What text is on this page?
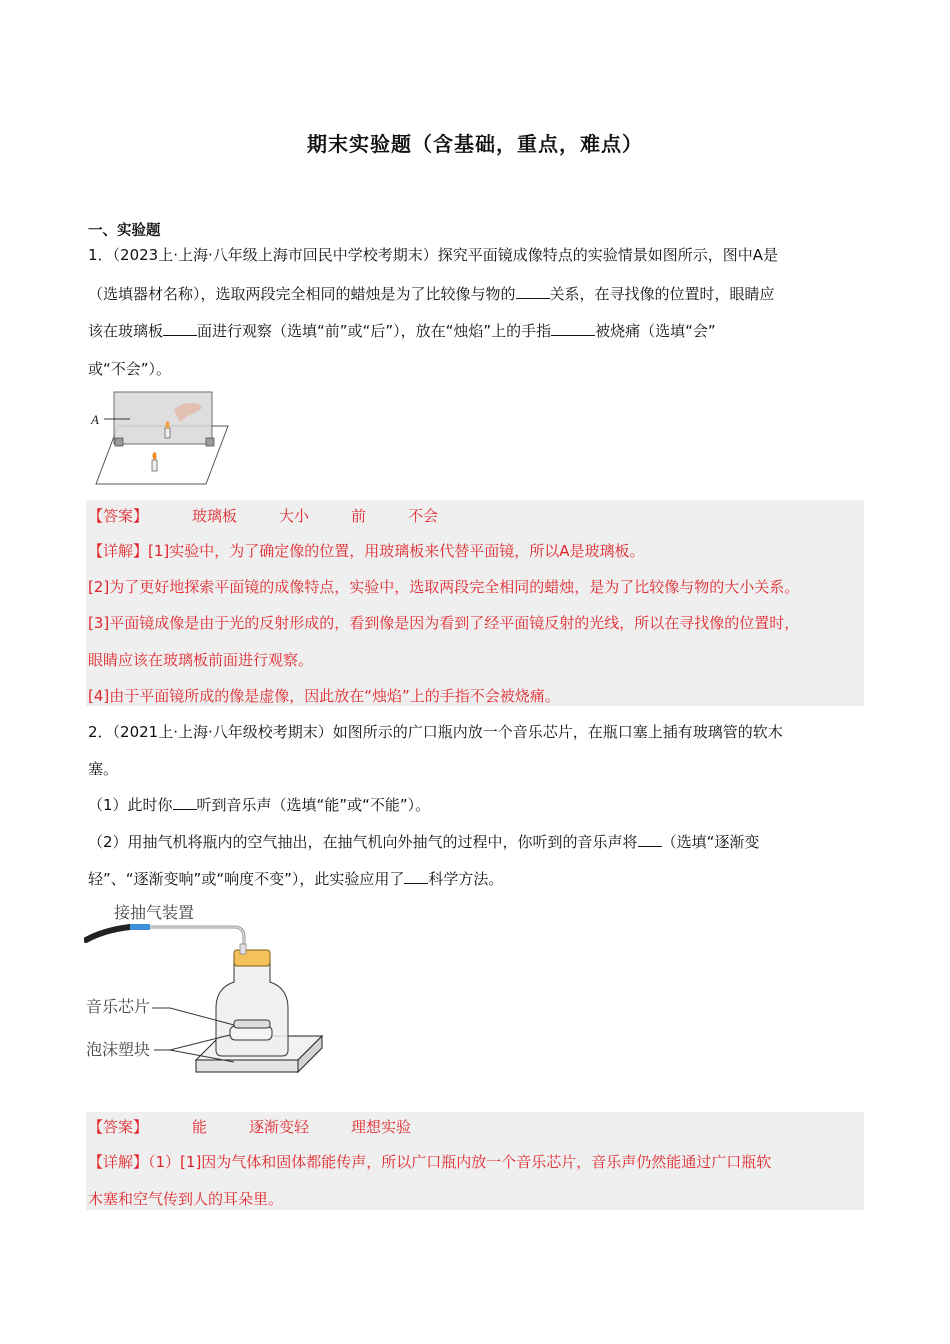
期末实验题（含基础，重点，难点）
一、实验题
1．（2023上·上海·八年级上海市回民中学校考期末）探究平面镜成像特点的实验情景如图所示，图中A是
（选填器材名称），选取两段完全相同的蜡烛是为了比较像与物的 关系，在寻找像的位置时，眼睛应
该在玻璃板 面进行观察（选填“前”或“后”），放在“烛焰”上的手指	被烧痛（选填“会”
或“不会”）。
A
【答案】	玻璃板	大小	前	不会
【详解】[1]实验中，为了确定像的位置，用玻璃板来代替平面镜，所以A是玻璃板。
[2]为了更好地探索平面镜的成像特点，实验中，选取两段完全相同的蜡烛，是为了比较像与物的大小关系。
[3]平面镜成像是由于光的反射形成的，看到像是因为看到了经平面镜反射的光线，所以在寻找像的位置时，
眼睛应该在玻璃板前面进行观察。
[4]由于平面镜所成的像是虚像，因此放在“烛焰”上的手指不会被烧痛。
2．（2021上·上海·八年级校考期末）如图所示的广口瓶内放一个音乐芯片，在瓶口塞上插有玻璃管的软木
塞。
（1）此时你 听到音乐声（选填“能”或“不能”）。
（2）用抽气机将瓶内的空气抽出，在抽气机向外抽气的过程中，你听到的音乐声将 （选填“逐渐变
轻”、“逐渐变响”或“响度不变”），此实验应用了 科学方法。
接抽气装置
音乐芯片
泡沫塑块
【答案】	能	逐渐变轻	理想实验
【详解】（1）[1]因为气体和固体都能传声，所以广口瓶内放一个音乐芯片，音乐声仍然能通过广口瓶软
木塞和空气传到人的耳朵里。
